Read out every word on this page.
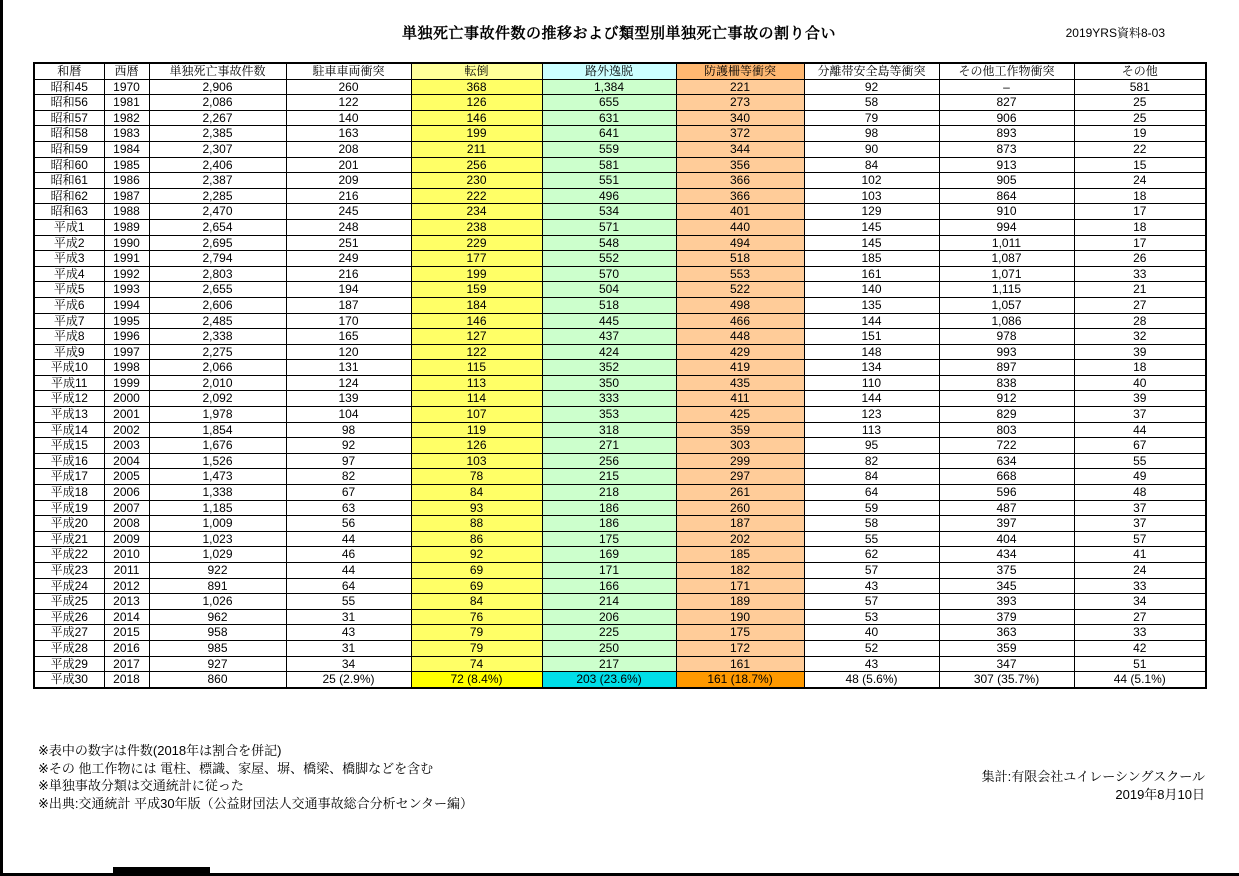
単独死亡事故件数の推移および類型別単独死亡事故の割り合い	2019YRS資料8-03
和暦	西暦	単独死亡事故件数	駐車車両衝突	転倒	路外逸脱	防護柵等衝突	分離帯安全島等衝突	その他工作物衝突	その他
昭和45	1970	2,906	260	368	1,384	221	92	–	581
昭和56	1981	2,086	122	126	655	273	58	827	25
昭和57	1982	2,267	140	146	631	340	79	906	25
昭和58	1983	2,385	163	199	641	372	98	893	19
昭和59	1984	2,307	208	211	559	344	90	873	22
昭和60	1985	2,406	201	256	581	356	84	913	15
昭和61	1986	2,387	209	230	551	366	102	905	24
昭和62	1987	2,285	216	222	496	366	103	864	18
昭和63	1988	2,470	245	234	534	401	129	910	17
平成1	1989	2,654	248	238	571	440	145	994	18
平成2	1990	2,695	251	229	548	494	145	1,011	17
平成3	1991	2,794	249	177	552	518	185	1,087	26
平成4	1992	2,803	216	199	570	553	161	1,071	33
平成5	1993	2,655	194	159	504	522	140	1,115	21
平成6	1994	2,606	187	184	518	498	135	1,057	27
平成7	1995	2,485	170	146	445	466	144	1,086	28
平成8	1996	2,338	165	127	437	448	151	978	32
平成9	1997	2,275	120	122	424	429	148	993	39
平成10	1998	2,066	131	115	352	419	134	897	18
平成11	1999	2,010	124	113	350	435	110	838	40
平成12	2000	2,092	139	114	333	411	144	912	39
平成13	2001	1,978	104	107	353	425	123	829	37
平成14	2002	1,854	98	119	318	359	113	803	44
平成15	2003	1,676	92	126	271	303	95	722	67
平成16	2004	1,526	97	103	256	299	82	634	55
平成17	2005	1,473	82	78	215	297	84	668	49
平成18	2006	1,338	67	84	218	261	64	596	48
平成19	2007	1,185	63	93	186	260	59	487	37
平成20	2008	1,009	56	88	186	187	58	397	37
平成21	2009	1,023	44	86	175	202	55	404	57
平成22	2010	1,029	46	92	169	185	62	434	41
平成23	2011	922	44	69	171	182	57	375	24
平成24	2012	891	64	69	166	171	43	345	33
平成25	2013	1,026	55	84	214	189	57	393	34
平成26	2014	962	31	76	206	190	53	379	27
平成27	2015	958	43	79	225	175	40	363	33
平成28	2016	985	31	79	250	172	52	359	42
平成29	2017	927	34	74	217	161	43	347	51
平成30	2018	860	25 (2.9%)	72 (8.4%)	203 (23.6%)	161 (18.7%)	48 (5.6%)	307 (35.7%)	44 (5.1%)
※表中の数字は件数(2018年は割合を併記)
※その 他工作物には 電柱、標識、家屋、塀、橋梁、橋脚などを含む
※単独事故分類は交通統計に従った
※出典:交通統計 平成30年版（公益財団法人交通事故総合分析センター編）
集計:有限会社ユイレーシングスクール
2019年8月10日
